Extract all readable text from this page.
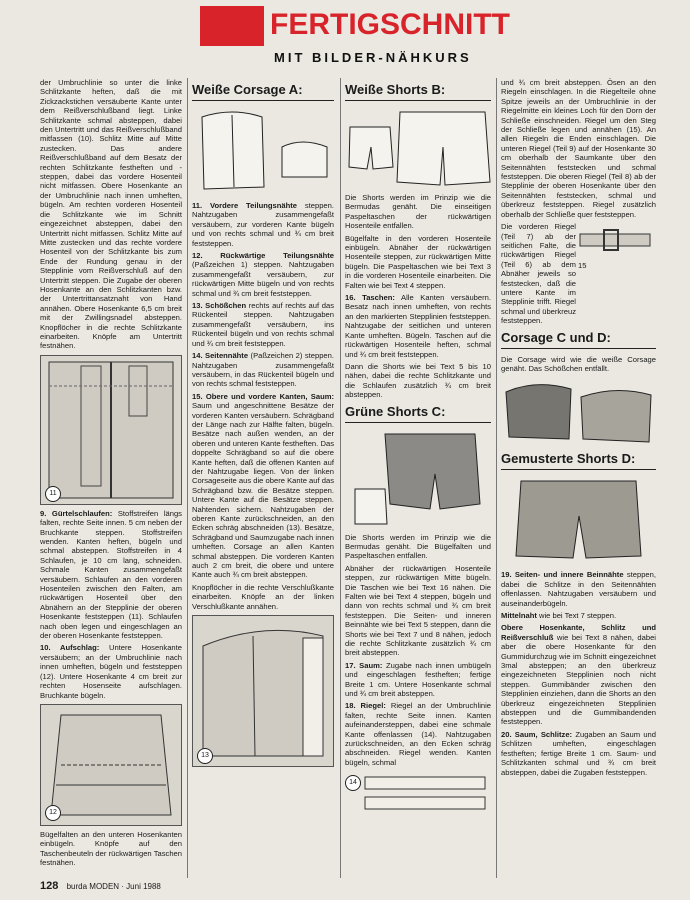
FERTIGSCHNITT
MIT BILDER-NÄHKURS

der Umbruchlinie so unter die linke Schlitzkante heften, daß die mit Zickzackstichen versäuberte Kante unter dem Reißverschlußband liegt. Linke Schlitzkante schmal absteppen, dabei den Untertritt und das Reißverschlußband mitfassen (10). Schlitz Mitte auf Mitte zustecken. Das andere Reißverschlußband auf dem Besatz der rechten Schlitzkante festheften und -steppen, dabei das vordere Hosenteil nicht mitfassen. Obere Hosenkante an der Umbruchlinie nach innen umheften, bügeln. Am rechten vorderen Hosenteil die Schlitzkante wie im Schnitt eingezeichnet absteppen, dabei den Untertritt nicht mitfassen. Schlitz Mitte auf Mitte zustecken und das rechte vordere Hosenteil von der Schlitzkante bis zum Ende der Rundung genau in der Stepplinie vom Reißverschluß auf den Untertritt steppen. Die Zugabe der oberen Hosenkante an den Schlitzkanten bzw. der Untertrittansatznaht von Hand annähen. Obere Hosenkante 6,5 cm breit mit der Zwillingsnadel absteppen. Knopflöcher in die rechte Schlitzkante einarbeiten. Knöpfe am Untertritt festnähen.

11

9. Gürtelschlaufen: Stoffstreifen längs falten, rechte Seite innen. 5 cm neben der Bruchkante steppen. Stoffstreifen wenden. Kanten heften, bügeln und schmal absteppen. Stoffstreifen in 4 Schlaufen, je 10 cm lang, schneiden. Schmale Kanten zusammengefaßt versäubern. Schlaufen an den vorderen Hosenteilen zwischen den Falten, am rückwärtigen Hosenteil über den Abnähern an der Stepplinie der oberen Hosenkante feststeppen (11). Schlaufen nach oben legen und eingeschlagen an der oberen Hosenkante feststeppen.

10. Aufschlag: Untere Hosenkante versäubern; an der Umbruchlinie nach innen umheften, bügeln und feststeppen (12). Untere Hosenkante 4 cm breit zur rechten Hosenseite aufschlagen. Bruchkante bügeln.

12

Bügelfalten an den unteren Hosenkanten einbügeln. Knöpfe auf den Taschenbeuteln der rückwärtigen Taschen festnähen.

Weiße Corsage A:

11. Vordere Teilungsnähte steppen. Nahtzugaben zusammengefaßt versäubern, zur vorderen Kante bügeln und von rechts schmal und ¾ cm breit feststeppen.

12. Rückwärtige Teilungsnähte (Paßzeichen 1) steppen. Nahtzugaben zusammengefaßt versäubern, zur rückwärtigen Mitte bügeln und von rechts schmal und ¾ cm breit feststeppen.

13. Schößchen rechts auf rechts auf das Rückenteil steppen. Nahtzugaben zusammengefaßt versäubern, ins Rückenteil bügeln und von rechts schmal und ¾ cm breit feststeppen.

14. Seitennähte (Paßzeichen 2) steppen. Nahtzugaben zusammengefaßt versäubern, in das Rückenteil bügeln und von rechts schmal feststeppen.

15. Obere und vordere Kanten, Saum: Saum und angeschnittene Besätze der vorderen Kanten versäubern. Schrägband der Länge nach zur Hälfte falten, bügeln. Besätze nach außen wenden, an der oberen und unteren Kante festheften. Das doppelte Schrägband so auf die obere Kante heften, daß die offenen Kanten auf der Nahtzugabe liegen. Von der linken Corsageseite aus die obere Kante auf das Schrägband bzw. die Besätze steppen. Untere Kante auf die Besätze steppen. Nahtenden sichern. Nahtzugaben der oberen Kante zurückschneiden, an den Ecken schräg abschneiden (13). Besätze, Schrägband und Saumzugabe nach innen umheften. Corsage an allen Kanten schmal absteppen. Die vorderen Kanten auch 2 cm breit, die obere und untere Kante auch ¾ cm breit absteppen.

Knopflöcher in die rechte Verschlußkante einarbeiten. Knöpfe an der linken Verschlußkante annähen.

13
Weiße Shorts B:

Die Shorts werden im Prinzip wie die Bermudas genäht. Die einseitigen Paspeltaschen der rückwärtigen Hosenteile entfallen.

Bügelfalte in den vorderen Hosenteile einbügeln. Abnäher der rückwärtigen Hosenteile steppen, zur rückwärtigen Mitte bügeln. Die Paspeltaschen wie bei Text 3 in die vorderen Hosenteile einarbeiten. Die Falten wie bei Text 4 steppen.

16. Taschen: Alle Kanten versäubern. Besatz nach innen umheften, von rechts an den markierten Stepplinien feststeppen. Nahtzugabe der seitlichen und unteren Kante umheften. Bügeln. Taschen auf die rückwärtigen Hosenteile heften, schmal und ¾ cm breit feststeppen.

Dann die Shorts wie bei Text 5 bis 10 nähen, dabei die rechte Schlitzkante und die Schlaufen zusätzlich ¾ cm breit absteppen.

Grüne Shorts C:

Die Shorts werden im Prinzip wie die Bermudas genäht. Die Bügelfalten und Paspeltaschen entfallen.

Abnäher der rückwärtigen Hosenteile steppen, zur rückwärtigen Mitte bügeln. Die Taschen wie bei Text 16 nähen. Die Falten wie bei Text 4 steppen, bügeln und dann von rechts schmal und ¾ cm breit feststeppen. Die Seiten- und inneren Beinnähte wie bei Text 5 steppen, dann die Shorts wie bei Text 7 und 8 nähen, jedoch die rechte Schlitzkante zusätzlich ¾ cm breit absteppen.

17. Saum: Zugabe nach innen umbügeln und eingeschlagen festheften; fertige Breite 1 cm. Untere Hosenkante schmal und ¾ cm breit absteppen.

18. Riegel: Riegel an der Umbruchlinie falten, rechte Seite innen. Kanten aufeinandersteppen, dabei eine schmale Kante offenlassen (14). Nahtzugaben zurückschneiden, an den Ecken schräg abschneiden. Riegel wenden. Kanten bügeln, schmal

14

und ¾ cm breit absteppen. Ösen an den Riegeln einschlagen. In die Riegelteile ohne Spitze jeweils an der Umbruchlinie in der Riegelmitte ein kleines Loch für den Dorn der Schließe einschneiden. Riegel um den Steg der Schließe legen und annähen (15). An allen Riegeln die Enden einschlagen. Die unteren Riegel (Teil 9) auf der Hosenkante 30 cm oberhalb der Saumkante über den Seitennähten feststecken und schmal feststeppen. Die oberen Riegel (Teil 8) ab der Stepplinie der oberen Hosenkante über den Seitennähten feststecken, schmal und überkreuz feststeppen. Riegel zusätzlich oberhalb der Schließe quer feststeppen.

15

Die vorderen Riegel (Teil 7) ab der seitlichen Falte, die rückwärtigen Riegel (Teil 6) ab dem Abnäher jeweils so feststecken, daß die untere Kante im Stepplinie trifft. Riegel schmal und überkreuz feststeppen.

Corsage C und D:

Die Corsage wird wie die weiße Corsage genäht. Das Schößchen entfällt.

Gemusterte Shorts D:

19. Seiten- und innere Beinnähte steppen, dabei die Schlitze in den Seitennähten offenlassen. Nahtzugaben versäubern und auseinanderbügeln.

Mittelnaht wie bei Text 7 steppen.

Obere Hosenkante, Schlitz und Reißverschluß wie bei Text 8 nähen, dabei aber die obere Hosenkante für den Gummidurchzug wie im Schnitt eingezeichnet 3mal absteppen; an den überkreuz eingezeichneten Stepplinien noch nicht steppen. Gummibänder zwischen den Stepplinien einziehen, dann die Shorts an den überkreuz eingezeichneten Stepplinien absteppen und die Gummibandenden feststeppen.

20. Saum, Schlitze: Zugaben an Saum und Schlitzen umheften, eingeschlagen festheften; fertige Breite 1 cm. Saum- und Schlitzkanten schmal und ¾ cm breit absteppen, dabei die Zugaben feststeppen.

128 burda MODEN · Juni 1988
